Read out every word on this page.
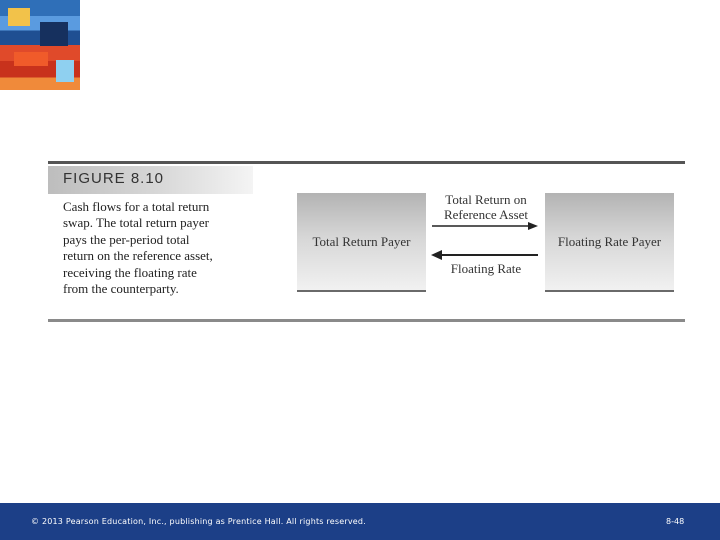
FIGURE 8.10
Cash flows for a total return
swap. The total return payer
pays the per-period total
return on the reference asset,
receiving the floating rate
from the counterparty.
Total Return Payer	Floating Rate Payer
Total Return on
Reference Asset
Floating Rate
© 2013 Pearson Education, Inc., publishing as Prentice Hall. All rights reserved.	8-48
